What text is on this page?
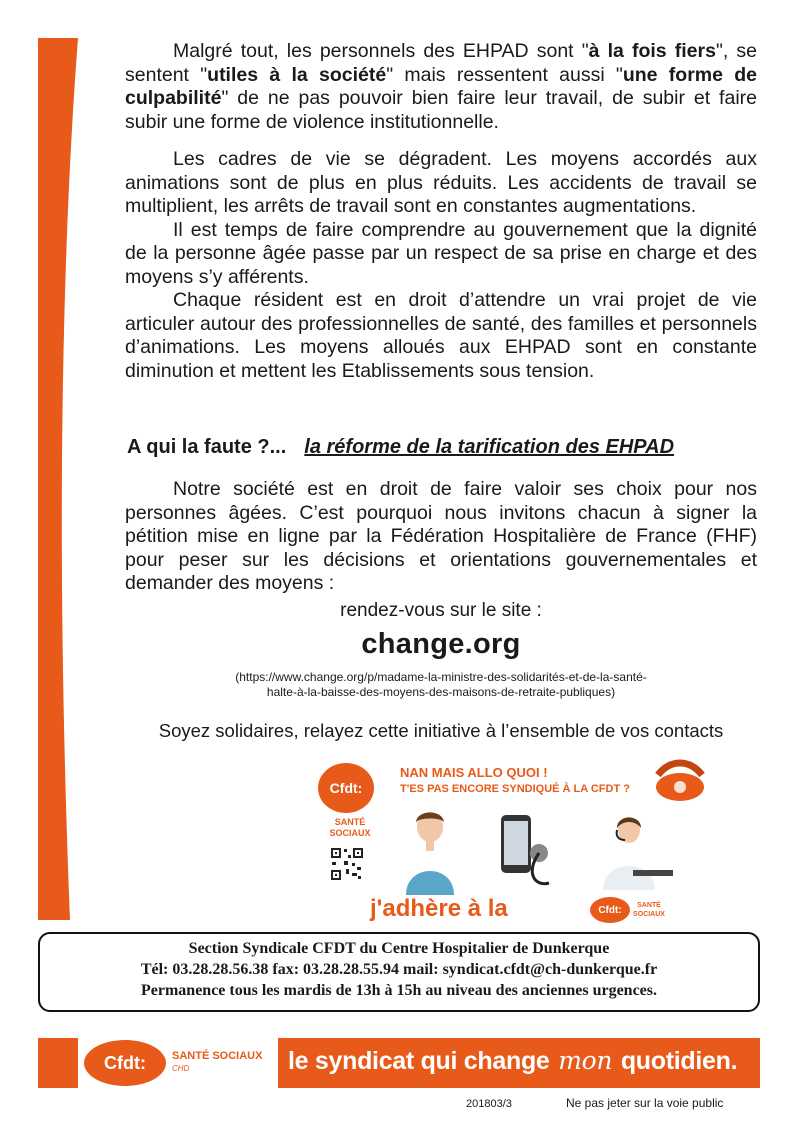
Malgré tout, les personnels des EHPAD sont "à la fois fiers", se sentent "utiles à la société" mais ressentent aussi "une forme de culpabilité" de ne pas pouvoir bien faire leur travail, de subir et faire subir une forme de violence institutionnelle.

Les cadres de vie se dégradent. Les moyens accordés aux animations sont de plus en plus réduits. Les accidents de travail se multiplient, les arrêts de travail sont en constantes augmentations.

Il est temps de faire comprendre au gouvernement que la dignité de la personne âgée passe par un respect de sa prise en charge et des moyens s’y afférents.

Chaque résident est en droit d’attendre un vrai projet de vie articuler autour des professionnelles de santé, des familles et personnels d’animations. Les moyens alloués aux EHPAD sont en constante diminution et mettent les Etablissements sous tension.

A qui la faute ?... la réforme de la tarification des EHPAD

Notre société est en droit de faire valoir ses choix pour nos personnes âgées. C’est pourquoi nous invitons chacun à signer la pétition mise en ligne par la Fédération Hospitalière de France (FHF) pour peser sur les décisions et orientations gouvernementales et demander des moyens :

rendez-vous sur le site :
change.org
(https://www.change.org/p/madame-la-ministre-des-solidarités-et-de-la-santé-
halte-à-la-baisse-des-moyens-des-maisons-de-retraite-publiques)
Soyez solidaires, relayez cette initiative à l’ensemble de vos contacts
Cfdt:
NAN MAIS ALLO QUOI !
T'ES PAS ENCORE SYNDIQUÉ À LA CFDT ?
SANTÉ SOCIAUX
j'adhère à la	Cfdt:	SANTÉ SOCIAUX
Section Syndicale CFDT du Centre Hospitalier de Dunkerque
Tél: 03.28.28.56.38 fax: 03.28.28.55.94 mail: syndicat.cfdt@ch-dunkerque.fr
Permanence tous les mardis de 13h à 15h au niveau des anciennes urgences.
Cfdt:	SANTÉ SOCIAUX
CHD	le syndicat qui change mon quotidien.
201803/3	Ne pas jeter sur la voie public
